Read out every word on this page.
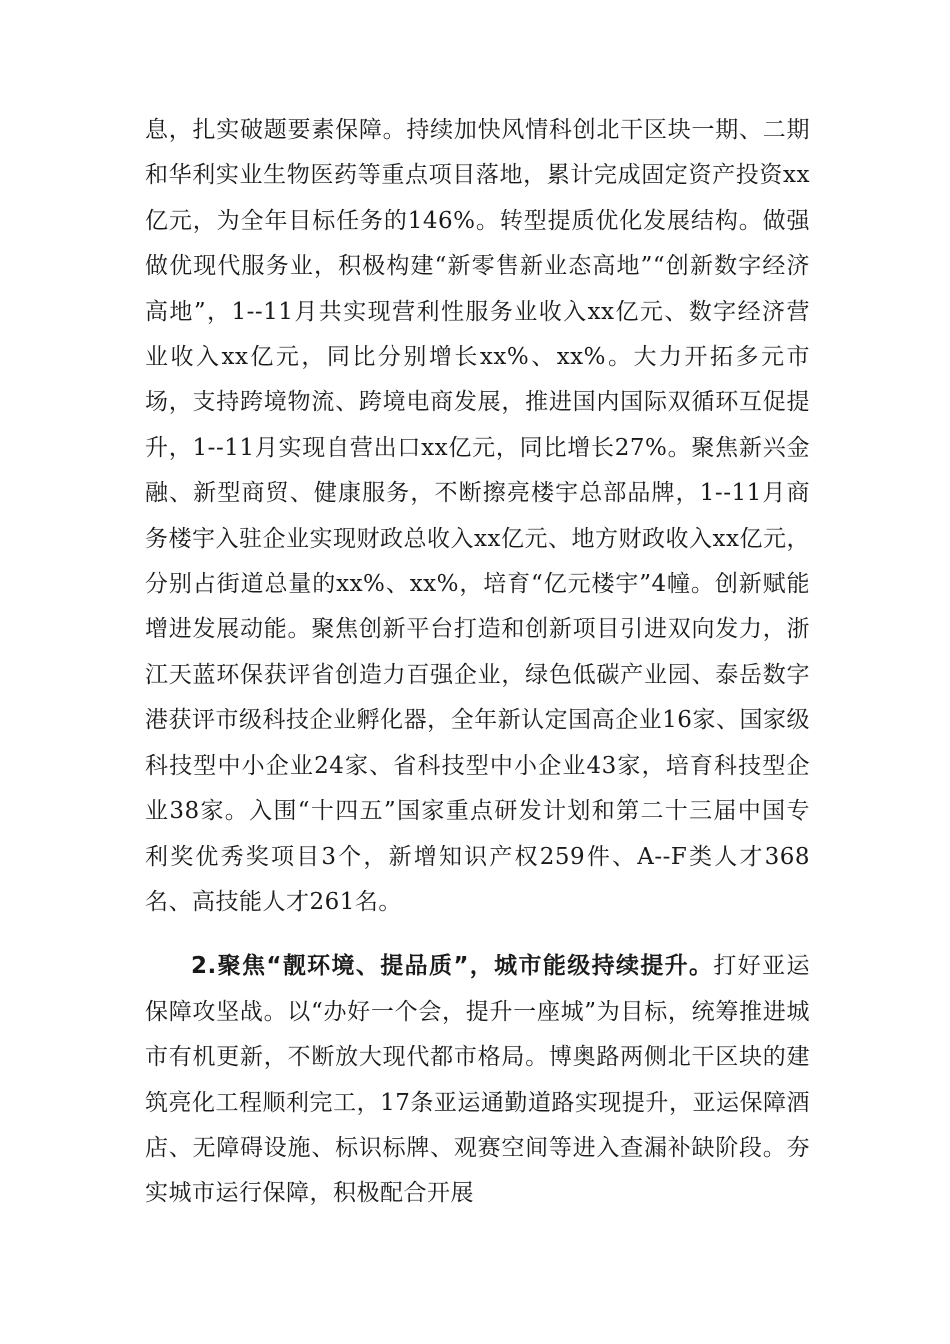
息，扎实破题要素保障。持续加快风情科创北干区块一期、二期和华利实业生物医药等重点项目落地，累计完成固定资产投资xx亿元，为全年目标任务的146%。转型提质优化发展结构。做强做优现代服务业，积极构建“新零售新业态高地”“创新数字经济高地”，1--11月共实现营利性服务业收入xx亿元、数字经济营业收入xx亿元，同比分别增长xx%、xx%。大力开拓多元市场，支持跨境物流、跨境电商发展，推进国内国际双循环互促提升，1--11月实现自营出口xx亿元，同比增长27%。聚焦新兴金融、新型商贸、健康服务，不断擦亮楼宇总部品牌，1--11月商务楼宇入驻企业实现财政总收入xx亿元、地方财政收入xx亿元，分别占街道总量的xx%、xx%，培育“亿元楼宇”4幢。创新赋能增进发展动能。聚焦创新平台打造和创新项目引进双向发力，浙江天蓝环保获评省创造力百强企业，绿色低碳产业园、泰岳数字港获评市级科技企业孵化器，全年新认定国高企业16家、国家级科技型中小企业24家、省科技型中小企业43家，培育科技型企业38家。入围“十四五”国家重点研发计划和第二十三届中国专利奖优秀奖项目3个，新增知识产权259件、A--F类人才368名、高技能人才261名。

2.聚焦“靓环境、提品质”，城市能级持续提升。打好亚运保障攻坚战。以“办好一个会，提升一座城”为目标，统筹推进城市有机更新，不断放大现代都市格局。博奥路两侧北干区块的建筑亮化工程顺利完工，17条亚运通勤道路实现提升，亚运保障酒店、无障碍设施、标识标牌、观赛空间等进入查漏补缺阶段。夯实城市运行保障，积极配合开展
